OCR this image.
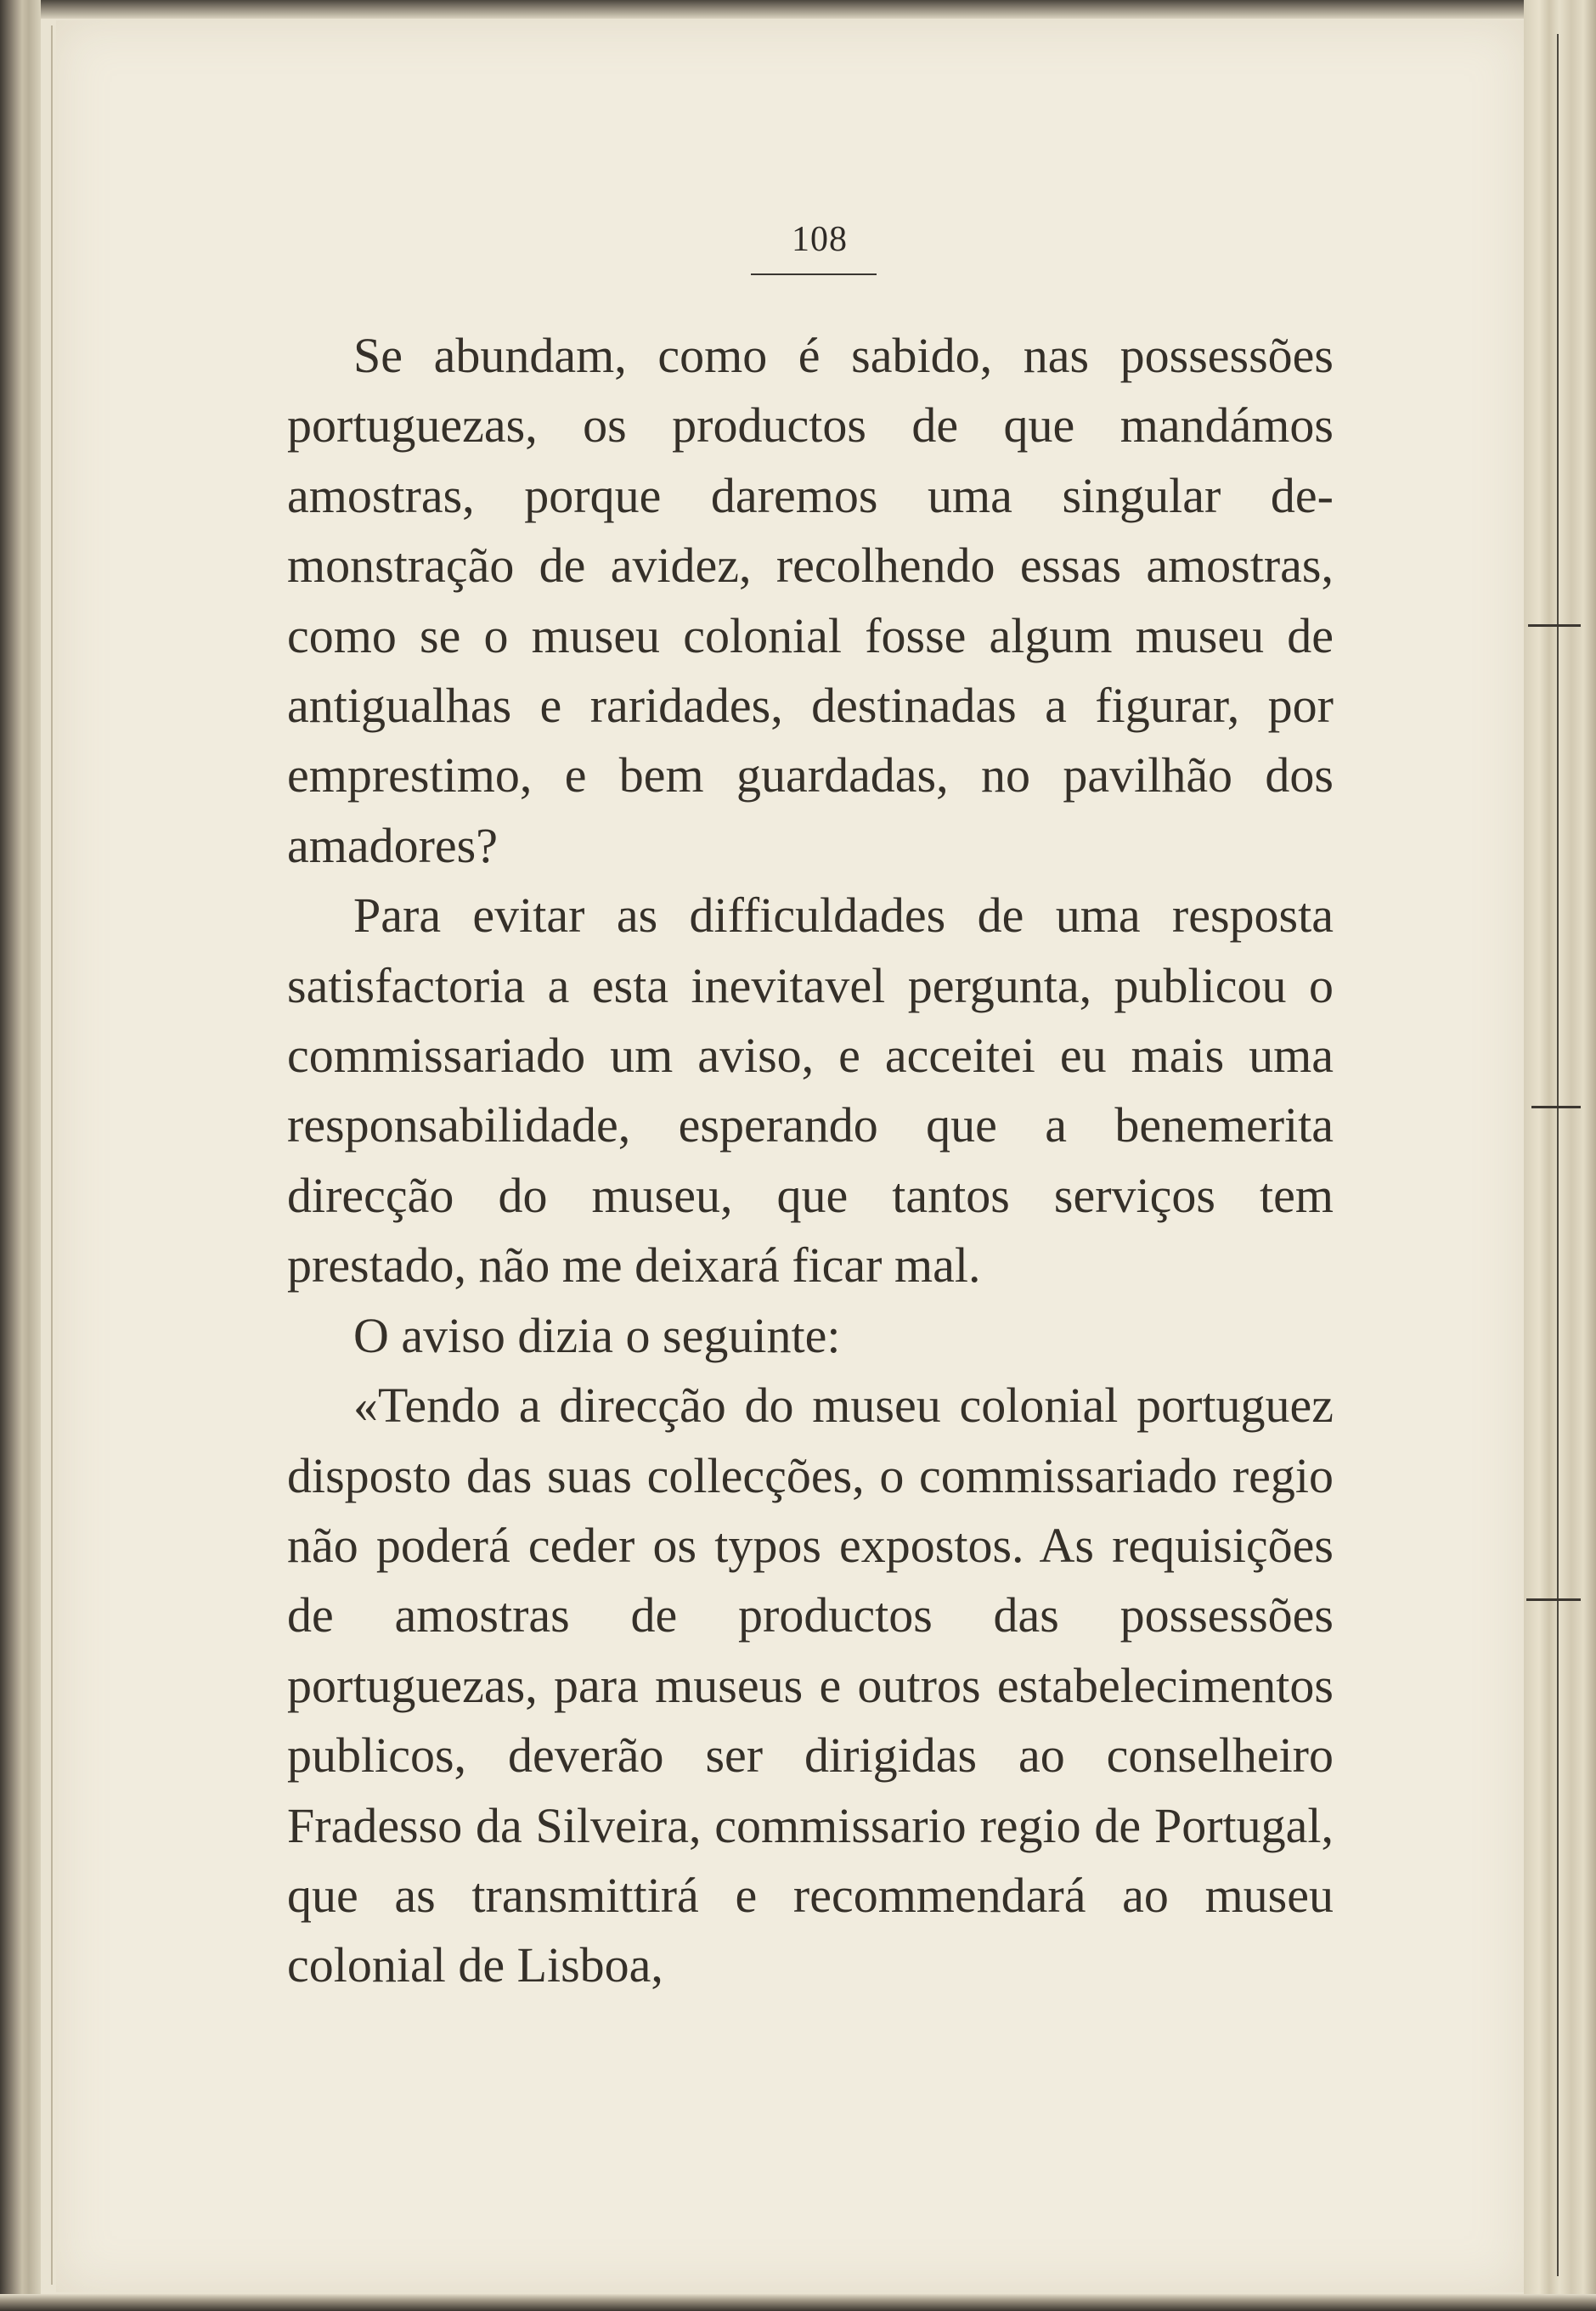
108

Se abundam, como é sabido, nas possessões portuguezas, os productos de que mandámos amostras, porque daremos uma singular demonstração de avidez, recolhendo essas amostras, como se o museu colonial fosse algum museu de antigualhas e raridades, destinadas a figurar, por emprestimo, e bem guardadas, no pavilhão dos amadores?

Para evitar as difficuldades de uma resposta satisfactoria a esta inevitavel pergunta, publicou o commissariado um aviso, e acceitei eu mais uma responsabilidade, esperando que a benemerita direcção do museu, que tantos serviços tem prestado, não me deixará ficar mal.

O aviso dizia o seguinte:

«Tendo a direcção do museu colonial portuguez disposto das suas collecções, o commissariado regio não poderá ceder os typos expostos. As requisições de amostras de productos das possessões portuguezas, para museus e outros estabelecimentos publicos, deverão ser dirigidas ao conselheiro Fradesso da Silveira, commissario regio de Portugal, que as transmittirá e recommendará ao museu colonial de Lisboa,
